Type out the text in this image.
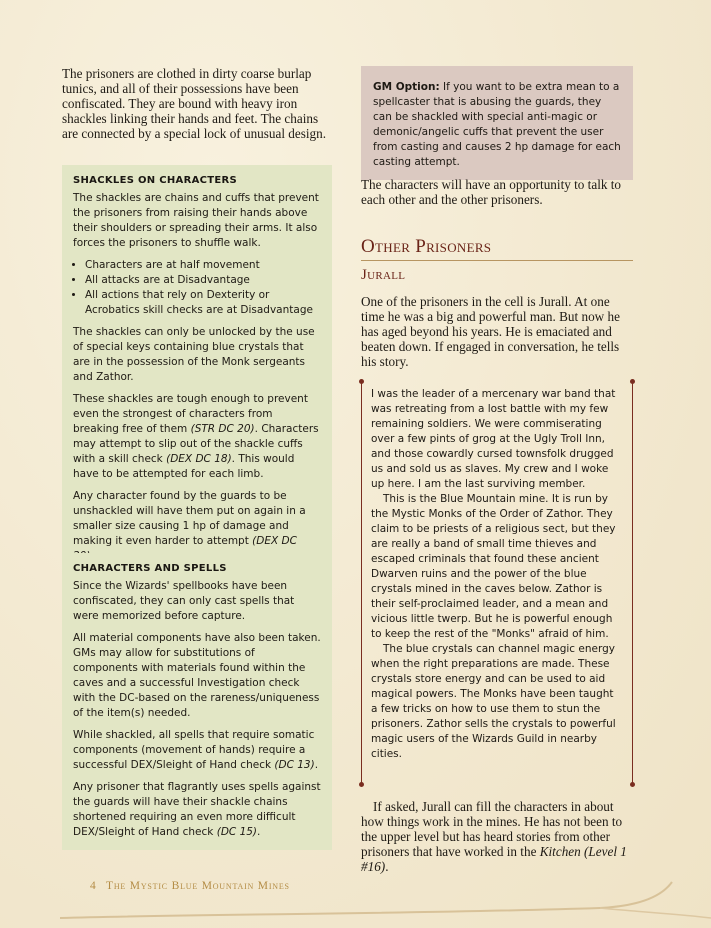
The prisoners are clothed in dirty coarse burlap tunics, and all of their possessions have been confiscated. They are bound with heavy iron shackles linking their hands and feet. The chains are connected by a special lock of unusual design.

SHACKLES ON CHARACTERS

The shackles are chains and cuffs that prevent the prisoners from raising their hands above their shoulders or spreading their arms. It also forces the prisoners to shuffle walk.

• Characters are at half movement
• All attacks are at Disadvantage
• All actions that rely on Dexterity or Acrobatics skill checks are at Disadvantage

The shackles can only be unlocked by the use of special keys containing blue crystals that are in the possession of the Monk sergeants and Zathor.

These shackles are tough enough to prevent even the strongest of characters from breaking free of them (STR DC 20). Characters may attempt to slip out of the shackle cuffs with a skill check (DEX DC 18). This would have to be attempted for each limb.

Any character found by the guards to be unshackled will have them put on again in a smaller size causing 1 hp of damage and making it even harder to attempt (DEX DC

CHARACTERS AND SPELLS

Since the Wizards' spellbooks have been confiscated, they can only cast spells that were memorized before capture.

All material components have also been taken. GMs may allow for substitutions of components with materials found within the caves and a successful Investigation check with the DC-based on the rareness/uniqueness of the item(s) needed.

While shackled, all spells that require somatic components (movement of hands) require a successful DEX/Sleight of Hand check (DC 13).

Any prisoner that flagrantly uses spells against the guards will have their shackle chains shortened requiring an even more difficult DEX/Sleight of Hand check (DC 15).

GM Option: If you want to be extra mean to a spellcaster that is abusing the guards, they can be shackled with special anti-magic or demonic/angelic cuffs that prevent the user from casting and causes 2 hp damage for each casting attempt.

The characters will have an opportunity to talk to each other and the other prisoners.

Other Prisoners
Jurall

One of the prisoners in the cell is Jurall. At one time he was a big and powerful man. But now he has aged beyond his years. He is emaciated and beaten down. If engaged in conversation, he tells his story.

I was the leader of a mercenary war band that was retreating from a lost battle with my few remaining soldiers. We were commiserating over a few pints of grog at the Ugly Troll Inn, and those cowardly cursed townsfolk drugged us and sold us as slaves. My crew and I woke up here. I am the last surviving member.

This is the Blue Mountain mine. It is run by the Mystic Monks of the Order of Zathor. They claim to be priests of a religious sect, but they are really a band of small time thieves and escaped criminals that found these ancient Dwarven ruins and the power of the blue crystals mined in the caves below. Zathor is their self-proclaimed leader, and a mean and vicious little twerp. But he is powerful enough to keep the rest of the "Monks" afraid of him.

The blue crystals can channel magic energy when the right preparations are made. These crystals store energy and can be used to aid magical powers. The Monks have been taught a few tricks on how to use them to stun the prisoners. Zathor sells the crystals to powerful magic users of the Wizards Guild in nearby cities.

If asked, Jurall can fill the characters in about how things work in the mines. He has not been to the upper level but has heard stories from other prisoners that have worked in the Kitchen (Level 1 #16).

4 The Mystic Blue Mountain Mines
